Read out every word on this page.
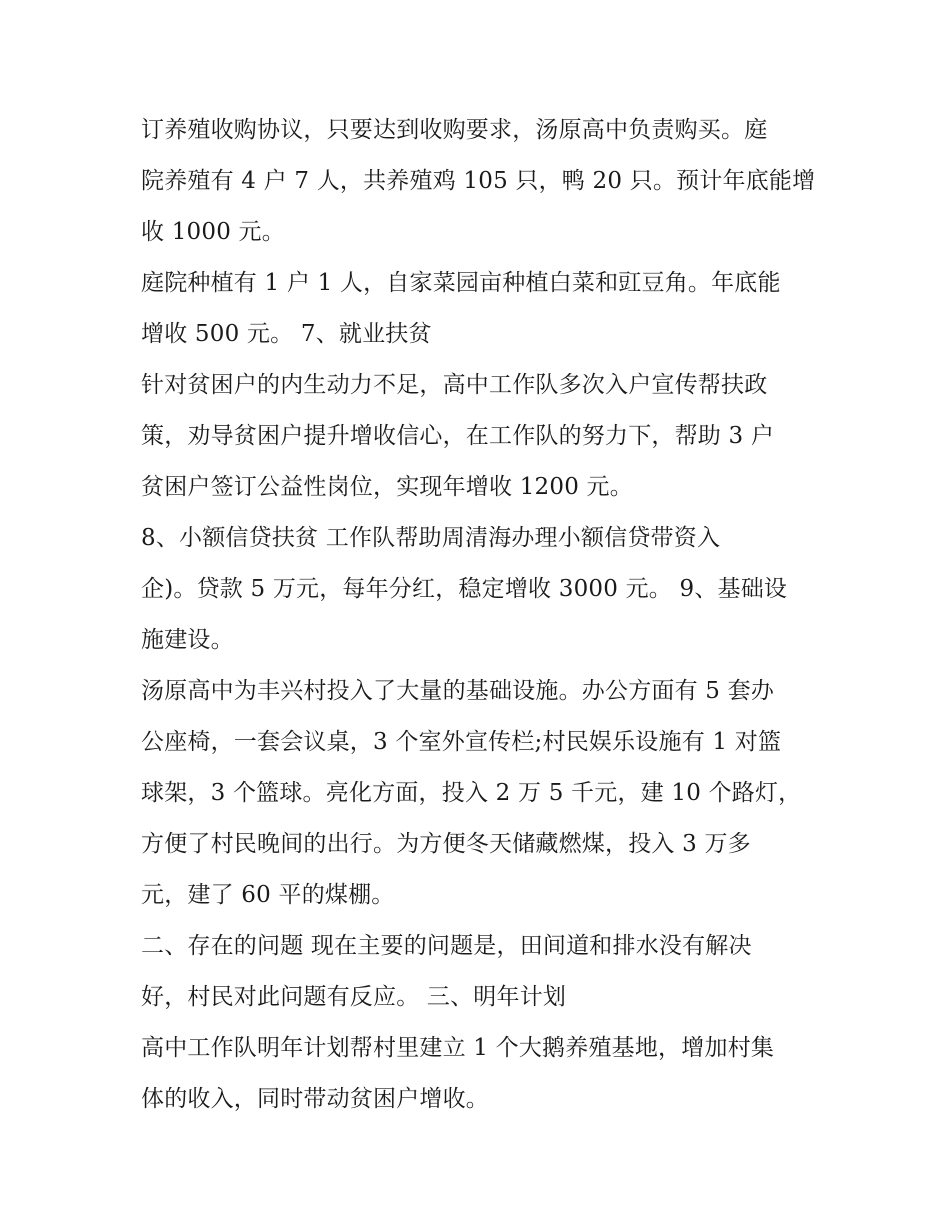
订养殖收购协议，只要达到收购要求，汤原高中负责购买。庭
院养殖有 4 户 7 人，共养殖鸡 105 只，鸭 20 只。预计年底能增
收 1000 元。
庭院种植有 1 户 1 人，自家菜园亩种植白菜和豇豆角。年底能
增收 500 元。 7、就业扶贫
针对贫困户的内生动力不足，高中工作队多次入户宣传帮扶政
策，劝导贫困户提升增收信心，在工作队的努力下，帮助 3 户
贫困户签订公益性岗位，实现年增收 1200 元。
8、小额信贷扶贫 工作队帮助周清海办理小额信贷带资入
企)。贷款 5 万元，每年分红，稳定增收 3000 元。 9、基础设
施建设。
汤原高中为丰兴村投入了大量的基础设施。办公方面有 5 套办
公座椅，一套会议桌，3 个室外宣传栏;村民娱乐设施有 1 对篮
球架，3 个篮球。亮化方面，投入 2 万 5 千元，建 10 个路灯，
方便了村民晚间的出行。为方便冬天储藏燃煤，投入 3 万多
元，建了 60 平的煤棚。
二、存在的问题 现在主要的问题是，田间道和排水没有解决
好，村民对此问题有反应。 三、明年计划
高中工作队明年计划帮村里建立 1 个大鹅养殖基地，增加村集
体的收入，同时带动贫困户增收。
